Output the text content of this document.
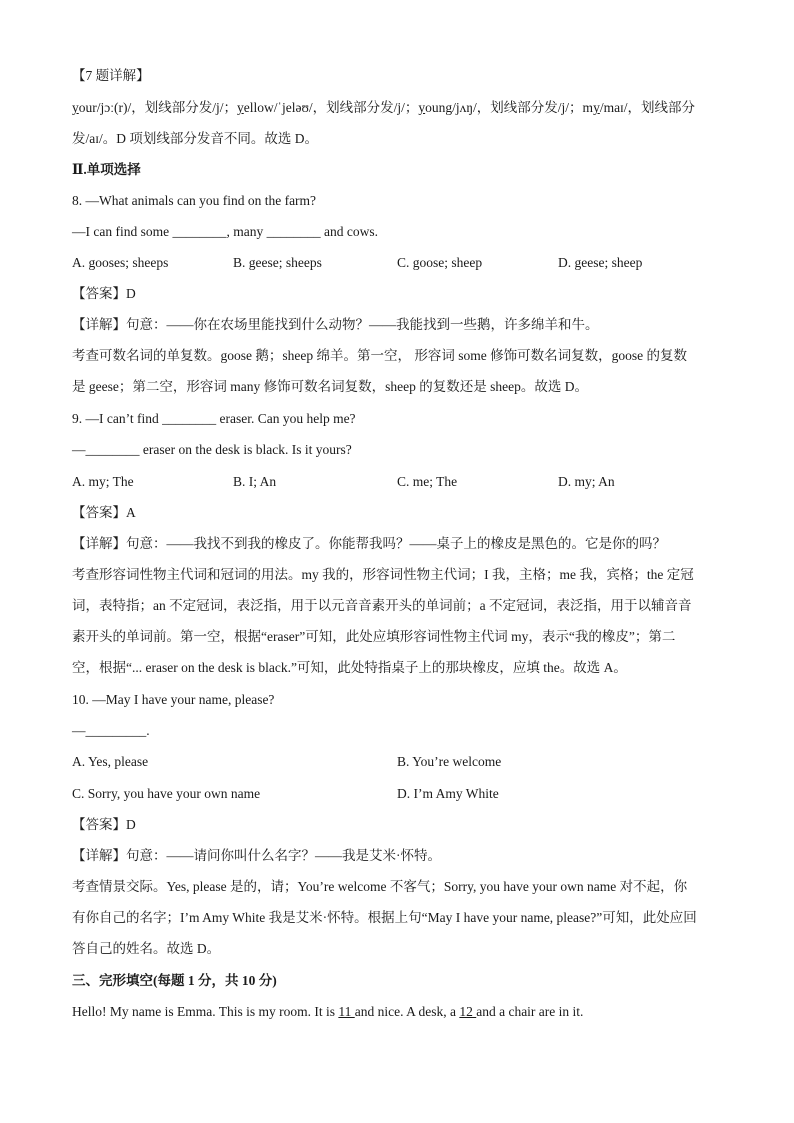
【7 题详解】
your/jɔː(r)/，划线部分发/j/；yellow/ˈjeləʊ/，划线部分发/j/；young/jʌŋ/，划线部分发/j/；my/maɪ/，划线部分
发/aɪ/。D 项划线部分发音不同。故选 D。
Ⅱ.单项选择
8. —What animals can you find on the farm?
—I can find some ________, many ________ and cows.
A. gooses; sheeps	B. geese; sheeps	C. goose; sheep	D. geese; sheep
【答案】D
【详解】句意：——你在农场里能找到什么动物？——我能找到一些鹅，许多绵羊和牛。
考查可数名词的单复数。goose 鹅；sheep 绵羊。第一空， 形容词 some 修饰可数名词复数，goose 的复数
是 geese；第二空，形容词 many 修饰可数名词复数，sheep 的复数还是 sheep。故选 D。
9. —I can’t find ________ eraser. Can you help me?
—________ eraser on the desk is black. Is it yours?
A. my; The	B. I; An	C. me; The	D. my; An
【答案】A
【详解】句意：——我找不到我的橡皮了。你能帮我吗？——桌子上的橡皮是黑色的。它是你的吗？
考查形容词性物主代词和冠词的用法。my 我的，形容词性物主代词；I 我，主格；me 我，宾格；the 定冠
词，表特指；an 不定冠词，表泛指，用于以元音音素开头的单词前；a 不定冠词，表泛指，用于以辅音音
素开头的单词前。第一空，根据“eraser”可知，此处应填形容词性物主代词 my，表示“我的橡皮”；第二
空，根据“... eraser on the desk is black.”可知，此处特指桌子上的那块橡皮，应填 the。故选 A。
10. —May I have your name, please?
—_________.
A. Yes, please	B. You’re welcome
C. Sorry, you have your own name	D. I’m Amy White
【答案】D
【详解】句意：——请问你叫什么名字？——我是艾米·怀特。
考查情景交际。Yes, please 是的，请；You’re welcome 不客气；Sorry, you have your own name 对不起，你
有你自己的名字；I’m Amy White 我是艾米·怀特。根据上句“May I have your name, please?”可知，此处应回
答自己的姓名。故选 D。
三、完形填空(每题 1 分，共 10 分)
Hello! My name is Emma. This is my room. It is 11 and nice. A desk, a 12 and a chair are in it.
